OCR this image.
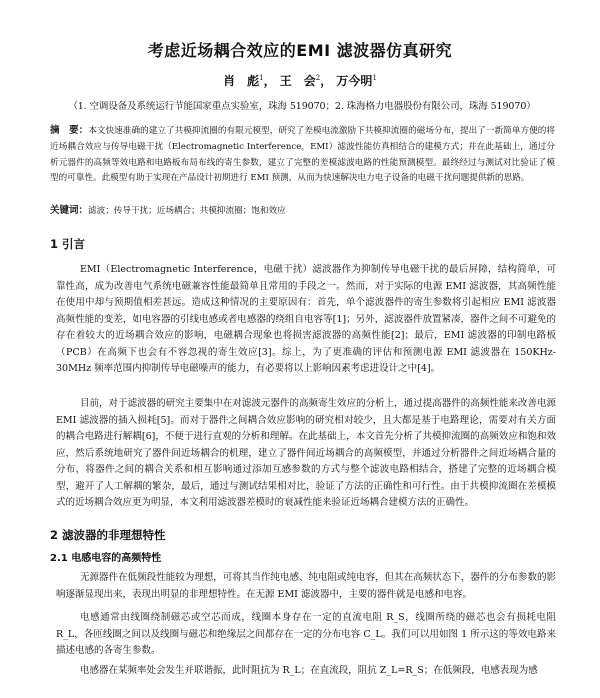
考虑近场耦合效应的EMI 滤波器仿真研究
肖　彪$^1$， 王　会$^2$， 万今明$^1$
（1. 空调设备及系统运行节能国家重点实验室，珠海 519070；2. 珠海格力电器股份有限公司，珠海 519070）
摘　要：本文快速准确的建立了共模抑流圈的有限元模型，研究了差模电流激励下共模抑流圈的磁场分布，提出了一新简单方便的将近场耦合效应与传导电磁干扰（Electromagnetic Interference，EMI）滤波性能仿真相结合的建模方式；并在此基础上，通过分析元器件的高频等效电路和电路板布局布线的寄生参数，建立了完整的差模滤波电路的性能预测模型。最终经过与测试对比验证了模型的可靠性。此模型有助于实现在产品设计初期进行 EMI 预测，从而为快速解决电力电子设备的电磁干扰问题提供新的思路。
关键词：滤波；传导干扰；近场耦合；共模抑流圈；饱和效应
1 引言
EMI（Electromagnetic Interference，电磁干扰）滤波器作为抑制传导电磁干扰的最后屏障，结构简单，可靠性高，成为改善电气系统电磁兼容性能最简单且常用的手段之一。然而，对于实际的电源 EMI 滤波器，其高频性能在使用中却与预期值相差甚远。造成这种情况的主要原因有：首先，单个滤波器件的寄生参数将引起相应 EMI 滤波器高频性能的变差，如电容器的引线电感或者电感器的绕组自电容等[1]；另外，滤波器件放置紧凑，器件之间不可避免的存在着较大的近场耦合效应的影响，电磁耦合现象也将损害滤波器的高频性能[2]；最后，EMI 滤波器的印制电路板（PCB）在高频下也会有不容忽视的寄生效应[3]。综上，为了更准确的评估和预测电源 EMI 滤波器在 150KHz-30MHz 频率范围内抑制传导电磁噪声的能力，有必要将以上影响因素考虑进设计之中[4]。
目前，对于滤波器的研究主要集中在对滤波元器件的高频寄生效应的分析上，通过提高器件的高频性能来改善电源 EMI 滤波器的插入损耗[5]。而对于器件之间耦合效应影响的研究相对较少，且大都是基于电路理论，需要对有关方面的耦合电路进行解耦[6]，不便于进行直观的分析和理解。在此基础上，本文首先分析了共模抑流圈的高频效应和饱和效应，然后系统地研究了器件间近场耦合的机理，建立了器件间近场耦合的高频模型，并通过分析器件之间近场耦合量的分布，将器件之间的耦合关系和相互影响通过添加互感参数的方式与整个滤波电路相结合，搭建了完整的近场耦合模型，避开了人工解耦的繁杂，最后，通过与测试结果相对比，验证了方法的正确性和可行性。由于共模抑流圈在差模模式的近场耦合效应更为明显，本文利用滤波器差模时的衰减性能来验证近场耦合建模方法的正确性。
2 滤波器的非理想特性
2.1 电感电容的高频特性
无源器件在低频段性能较为理想，可将其当作纯电感、纯电阻或纯电容，但其在高频状态下，器件的分布参数的影响逐渐显现出来，表现出明显的非理想特性。在无源 EMI 滤波器中，主要的器件就是电感和电容。
电感通常由线圈绕制磁芯或空芯而成，线圈本身存在一定的直流电阻 R_S，线圈所绕的磁芯也会有损耗电阻 R_L，各匝线圈之间以及线圈与磁芯和绝缘层之间都存在一定的分布电容 C_L。我们可以用如图 1 所示这的等效电路来描述电感的各寄生参数。
电感器在某频率处会发生并联谐振，此时阻抗为 R_L；在直流段，阻抗 Z_L=R_S；在低频段，电感表现为感
